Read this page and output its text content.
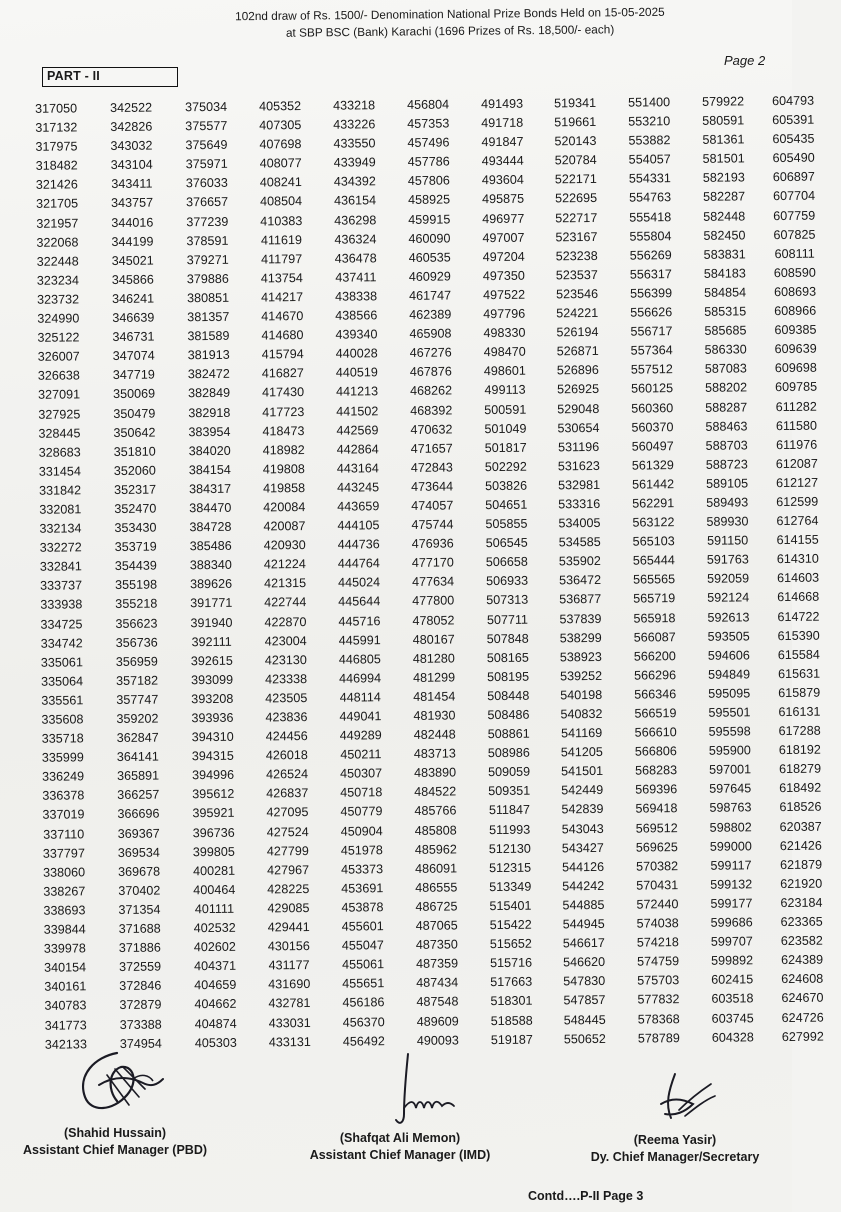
102nd draw of Rs. 1500/- Denomination National Prize Bonds Held on 15-05-2025
at SBP BSC (Bank) Karachi (1696 Prizes of Rs. 18,500/- each)
Page 2
PART - II
317050
317132
317975
318482
321426
321705
321957
322068
322448
323234
323732
324990
325122
326007
326638
327091
327925
328445
328683
331454
331842
332081
332134
332272
332841
333737
333938
334725
334742
335061
335064
335561
335608
335718
335999
336249
336378
337019
337110
337797
338060
338267
338693
339844
339978
340154
340161
340783
341773
342133
342522
342826
343032
343104
343411
343757
344016
344199
345021
345866
346241
346639
346731
347074
347719
350069
350479
350642
351810
352060
352317
352470
353430
353719
354439
355198
355218
356623
356736
356959
357182
357747
359202
362847
364141
365891
366257
366696
369367
369534
369678
370402
371354
371688
371886
372559
372846
372879
373388
374954
375034
375577
375649
375971
376033
376657
377239
378591
379271
379886
380851
381357
381589
381913
382472
382849
382918
383954
384020
384154
384317
384470
384728
385486
388340
389626
391771
391940
392111
392615
393099
393208
393936
394310
394315
394996
395612
395921
396736
399805
400281
400464
401111
402532
402602
404371
404659
404662
404874
405303
405352
407305
407698
408077
408241
408504
410383
411619
411797
413754
414217
414670
414680
415794
416827
417430
417723
418473
418982
419808
419858
420084
420087
420930
421224
421315
422744
422870
423004
423130
423338
423505
423836
424456
426018
426524
426837
427095
427524
427799
427967
428225
429085
429441
430156
431177
431690
432781
433031
433131
433218
433226
433550
433949
434392
436154
436298
436324
436478
437411
438338
438566
439340
440028
440519
441213
441502
442569
442864
443164
443245
443659
444105
444736
444764
445024
445644
445716
445991
446805
446994
448114
449041
449289
450211
450307
450718
450779
450904
451978
453373
453691
453878
455601
455047
455061
455651
456186
456370
456492
456804
457353
457496
457786
457806
458925
459915
460090
460535
460929
461747
462389
465908
467276
467876
468262
468392
470632
471657
472843
473644
474057
475744
476936
477170
477634
477800
478052
480167
481280
481299
481454
481930
482448
483713
483890
484522
485766
485808
485962
486091
486555
486725
487065
487350
487359
487434
487548
489609
490093
491493
491718
491847
493444
493604
495875
496977
497007
497204
497350
497522
497796
498330
498470
498601
499113
500591
501049
501817
502292
503826
504651
505855
506545
506658
506933
507313
507711
507848
508165
508195
508448
508486
508861
508986
509059
509351
511847
511993
512130
512315
513349
515401
515422
515652
515716
517663
518301
518588
519187
519341
519661
520143
520784
522171
522695
522717
523167
523238
523537
523546
524221
526194
526871
526896
526925
529048
530654
531196
531623
532981
533316
534005
534585
535902
536472
536877
537839
538299
538923
539252
540198
540832
541169
541205
541501
542449
542839
543043
543427
544126
544242
544885
544945
546617
546620
547830
547857
548445
550652
551400
553210
553882
554057
554331
554763
555418
555804
556269
556317
556399
556626
556717
557364
557512
560125
560360
560370
560497
561329
561442
562291
563122
565103
565444
565565
565719
565918
566087
566200
566296
566346
566519
566610
566806
568283
569396
569418
569512
569625
570382
570431
572440
574038
574218
574759
575703
577832
578368
578789
579922
580591
581361
581501
582193
582287
582448
582450
583831
584183
584854
585315
585685
586330
587083
588202
588287
588463
588703
588723
589105
589493
589930
591150
591763
592059
592124
592613
593505
594606
594849
595095
595501
595598
595900
597001
597645
598763
598802
599000
599117
599132
599177
599686
599707
599892
602415
603518
603745
604328
604793
605391
605435
605490
606897
607704
607759
607825
608111
608590
608693
608966
609385
609639
609698
609785
611282
611580
611976
612087
612127
612599
612764
614155
614310
614603
614668
614722
615390
615584
615631
615879
616131
617288
618192
618279
618492
618526
620387
621426
621879
621920
623184
623365
623582
624389
624608
624670
624726
627992
(Shahid Hussain)
Assistant Chief Manager (PBD)
(Shafqat Ali Memon)
Assistant Chief Manager (IMD)
(Reema Yasir)
Dy. Chief Manager/Secretary
Contd….P-II Page 3
